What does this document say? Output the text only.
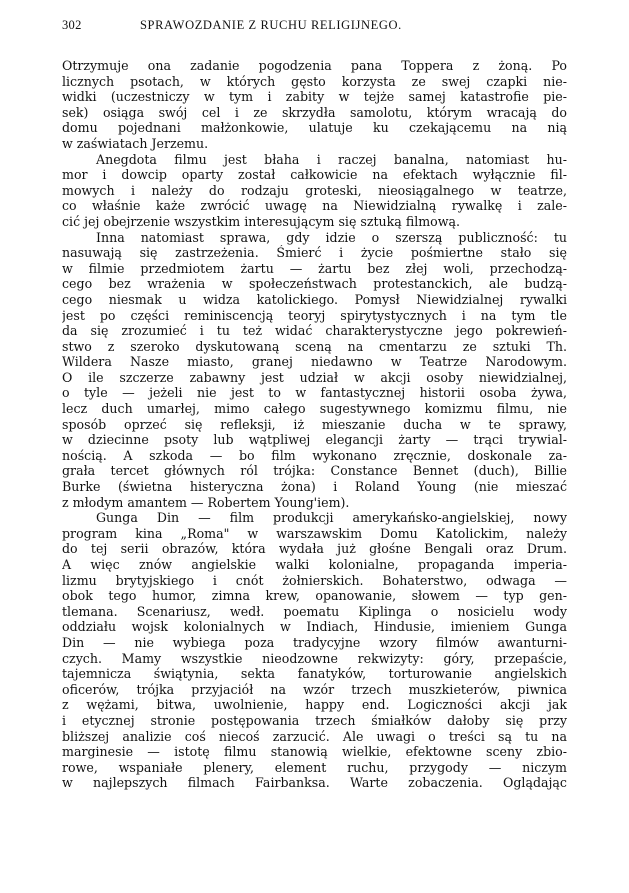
302	SPRAWOZDANIE Z RUCHU RELIGIJNEGO.
Otrzymuje ona zadanie pogodzenia pana Toppera z żoną. Po
licznych psotach, w których gęsto korzysta ze swej czapki nie-
widki (uczestniczy w tym i zabity w tejże samej katastrofie pie-
sek) osiąga swój cel i ze skrzydła samolotu, którym wracają do
domu pojednani małżonkowie, ulatuje ku czekającemu na nią
w zaświatach Jerzemu.
Anegdota filmu jest błaha i raczej banalna, natomiast hu-
mor i dowcip oparty został całkowicie na efektach wyłącznie fil-
mowych i należy do rodzaju groteski, nieosiągalnego w teatrze,
co właśnie każe zwrócić uwagę na Niewidzialną rywalkę i zale-
cić jej obejrzenie wszystkim interesującym się sztuką filmową.
Inna natomiast sprawa, gdy idzie o szerszą publiczność: tu
nasuwają się zastrzeżenia. Śmierć i życie pośmiertne stało się
w filmie przedmiotem żartu — żartu bez złej woli, przechodzą-
cego bez wrażenia w społeczeństwach protestanckich, ale budzą-
cego niesmak u widza katolickiego. Pomysł Niewidzialnej rywalki
jest po części reminiscencją teoryj spirytystycznych i na tym tle
da się zrozumieć i tu też widać charakterystyczne jego pokrewień-
stwo z szeroko dyskutowaną sceną na cmentarzu ze sztuki Th.
Wildera Nasze miasto, granej niedawno w Teatrze Narodowym.
O ile szczerze zabawny jest udział w akcji osoby niewidzialnej,
o tyle — jeżeli nie jest to w fantastycznej historii osoba żywa,
lecz duch umarłej, mimo całego sugestywnego komizmu filmu, nie
sposób oprzeć się refleksji, iż mieszanie ducha w te sprawy,
w dziecinne psoty lub wątpliwej elegancji żarty — trąci trywial-
nością. A szkoda — bo film wykonano zręcznie, doskonale za-
grała tercet głównych ról trójka: Constance Bennet (duch), Billie
Burke (świetna histeryczna żona) i Roland Young (nie mieszać
z młodym amantem — Robertem Young'iem).
Gunga Din — film produkcji amerykańsko-angielskiej, nowy
program kina „Roma" w warszawskim Domu Katolickim, należy
do tej serii obrazów, która wydała już głośne Bengali oraz Drum.
A więc znów angielskie walki kolonialne, propaganda imperia-
lizmu brytyjskiego i cnót żołnierskich. Bohaterstwo, odwaga —
obok tego humor, zimna krew, opanowanie, słowem — typ gen-
tlemana. Scenariusz, wedł. poematu Kiplinga o nosicielu wody
oddziału wojsk kolonialnych w Indiach, Hindusie, imieniem Gunga
Din — nie wybiega poza tradycyjne wzory filmów awanturni-
czych. Mamy wszystkie nieodzowne rekwizyty: góry, przepaście,
tajemnicza świątynia, sekta fanatyków, torturowanie angielskich
oficerów, trójka przyjaciół na wzór trzech muszkieterów, piwnica
z wężami, bitwa, uwolnienie, happy end. Logiczności akcji jak
i etycznej stronie postępowania trzech śmiałków dałoby się przy
bliższej analizie coś niecoś zarzucić. Ale uwagi o treści są tu na
marginesie — istotę filmu stanowią wielkie, efektowne sceny zbio-
rowe, wspaniałe plenery, element ruchu, przygody — niczym
w najlepszych filmach Fairbanksa. Warte zobaczenia. Oglądając
